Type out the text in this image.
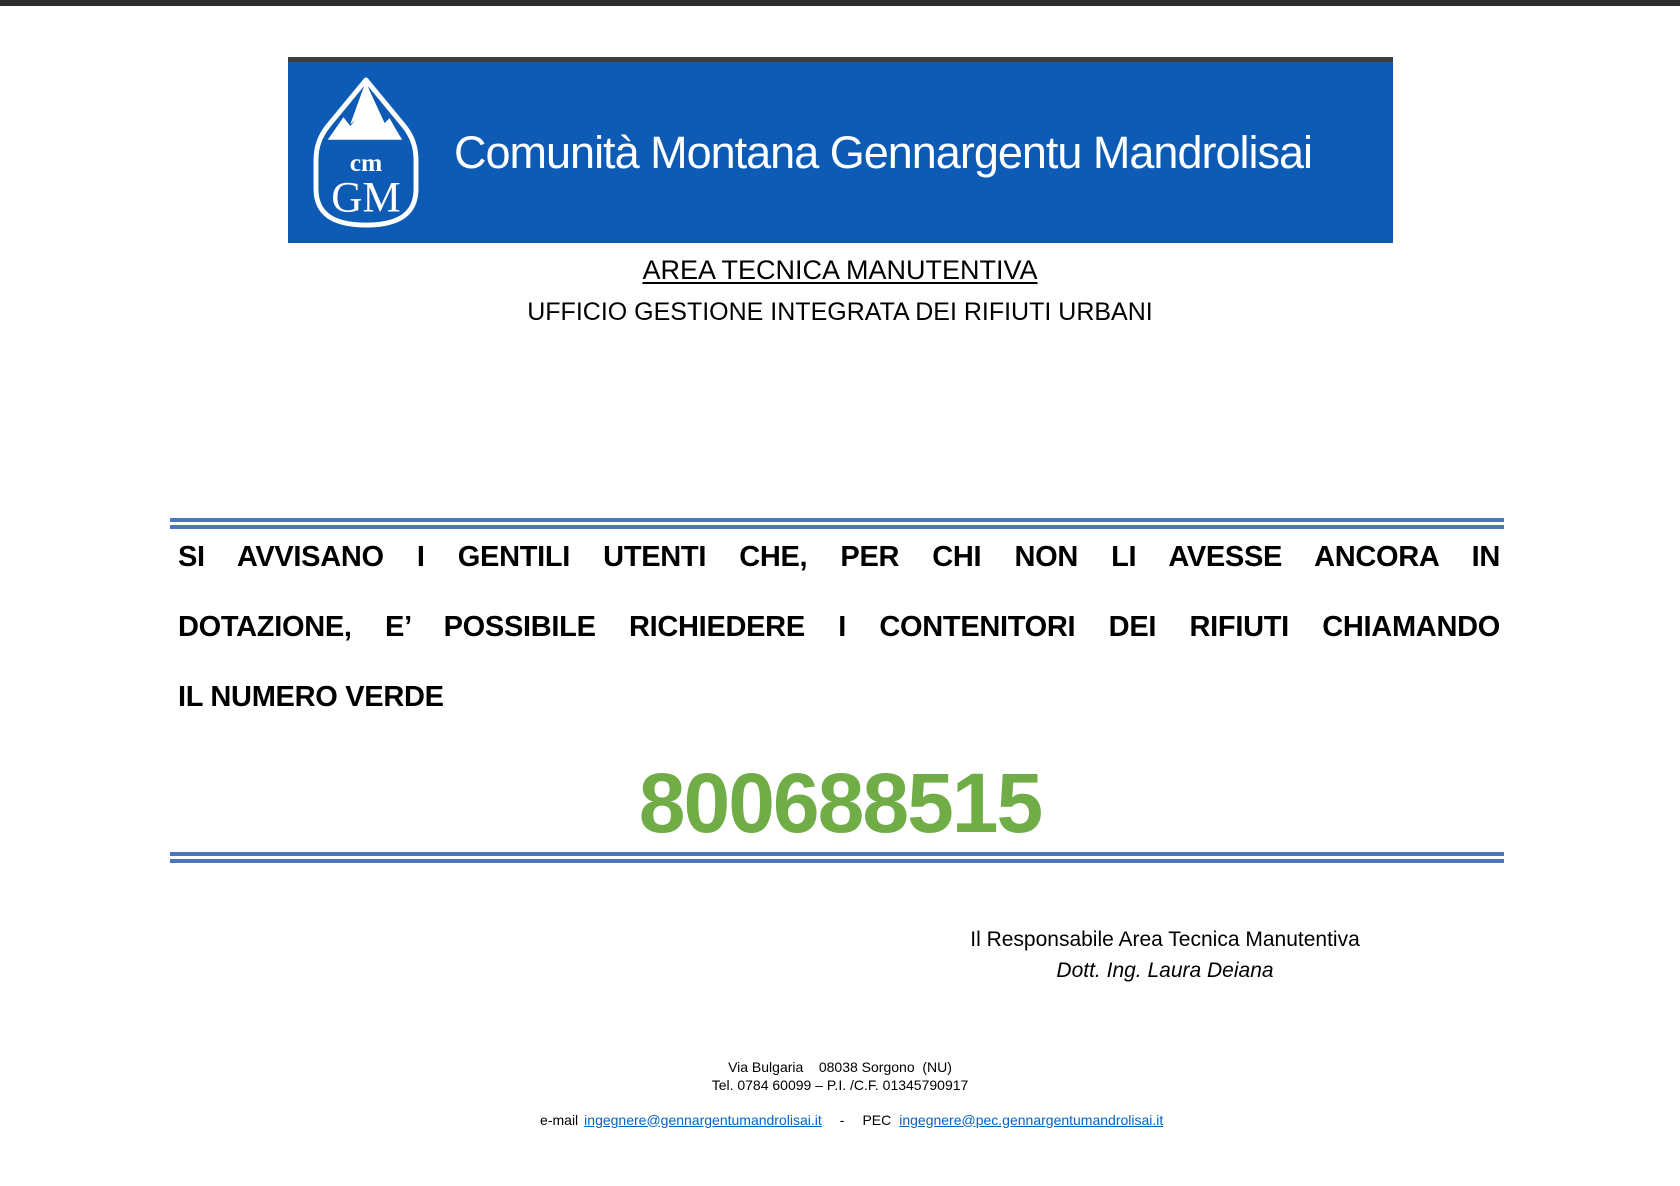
cm
GM
Comunità Montana Gennargentu Mandrolisai
AREA TECNICA MANUTENTIVA
UFFICIO GESTIONE INTEGRATA DEI RIFIUTI URBANI
SI AVVISANO I GENTILI UTENTI CHE, PER CHI NON LI AVESSE ANCORA IN
DOTAZIONE, E’ POSSIBILE RICHIEDERE I CONTENITORI DEI RIFIUTI CHIAMANDO
IL NUMERO VERDE
800688515
Il Responsabile Area Tecnica Manutentiva
Dott. Ing. Laura Deiana
Via Bulgaria    08038 Sorgono  (NU)
Tel. 0784 60099 – P.I. /C.F. 01345790917

e-mail ingegnere@gennargentumandrolisai.it - PEC ingegnere@pec.gennargentumandrolisai.it
